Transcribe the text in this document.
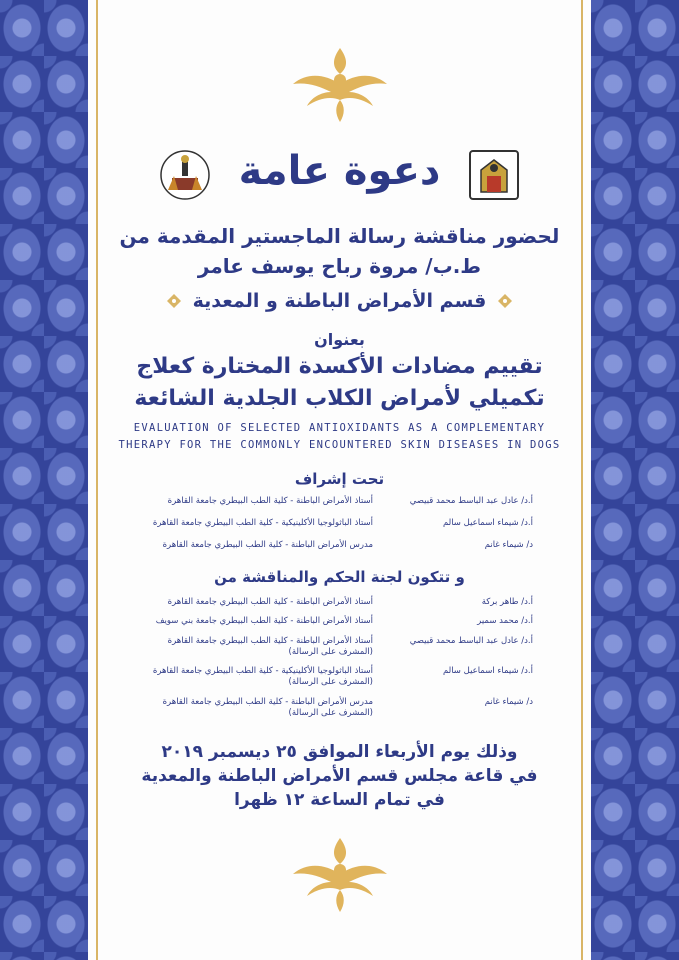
دعوة عامة
لحضور مناقشة رسالة الماجستير المقدمة من
ط.ب/ مروة رباح يوسف عامر
قسم الأمراض الباطنة و المعدية
بعنوان
تقييم مضادات الأكسدة المختارة كعلاج
تكميلي لأمراض الكلاب الجلدية الشائعة
EVALUATION OF SELECTED ANTIOXIDANTS AS A COMPLEMENTARY
THERAPY FOR THE COMMONLY ENCOUNTERED SKIN DISEASES IN DOGS
تحت إشراف
أ.د/ عادل عبد الباسط محمد قبيصي
أستاذ الأمراض الباطنة - كلية الطب البيطري جامعة القاهرة
أ.د/ شيماء اسماعيل سالم
أستاذ الباثولوجيا الأكلينيكية - كلية الطب البيطري جامعة القاهرة
د/ شيماء غانم
مدرس الأمراض الباطنة - كلية الطب البيطري جامعة القاهرة
و تتكون لجنة الحكم والمناقشة من
أ.د/ طاهر بركة
أستاذ الأمراض الباطنة - كلية الطب البيطري جامعة القاهرة
أ.د/ محمد سمير
أستاذ الأمراض الباطنة - كلية الطب البيطري جامعة بني سويف
أ.د/ عادل عبد الباسط محمد قبيصي
أستاذ الأمراض الباطنة - كلية الطب البيطري جامعة القاهرة
(المشرف على الرسالة)
أ.د/ شيماء اسماعيل سالم
أستاذ الباثولوجيا الأكلينيكية - كلية الطب البيطري جامعة القاهرة
(المشرف على الرسالة)
د/ شيماء غانم
مدرس الأمراض الباطنة - كلية الطب البيطري جامعة القاهرة
(المشرف على الرسالة)
وذلك يوم الأربعاء الموافق ٢٥ ديسمبر ٢٠١٩
في قاعة مجلس قسم الأمراض الباطنة والمعدية
في تمام الساعة ١٢ ظهرا
